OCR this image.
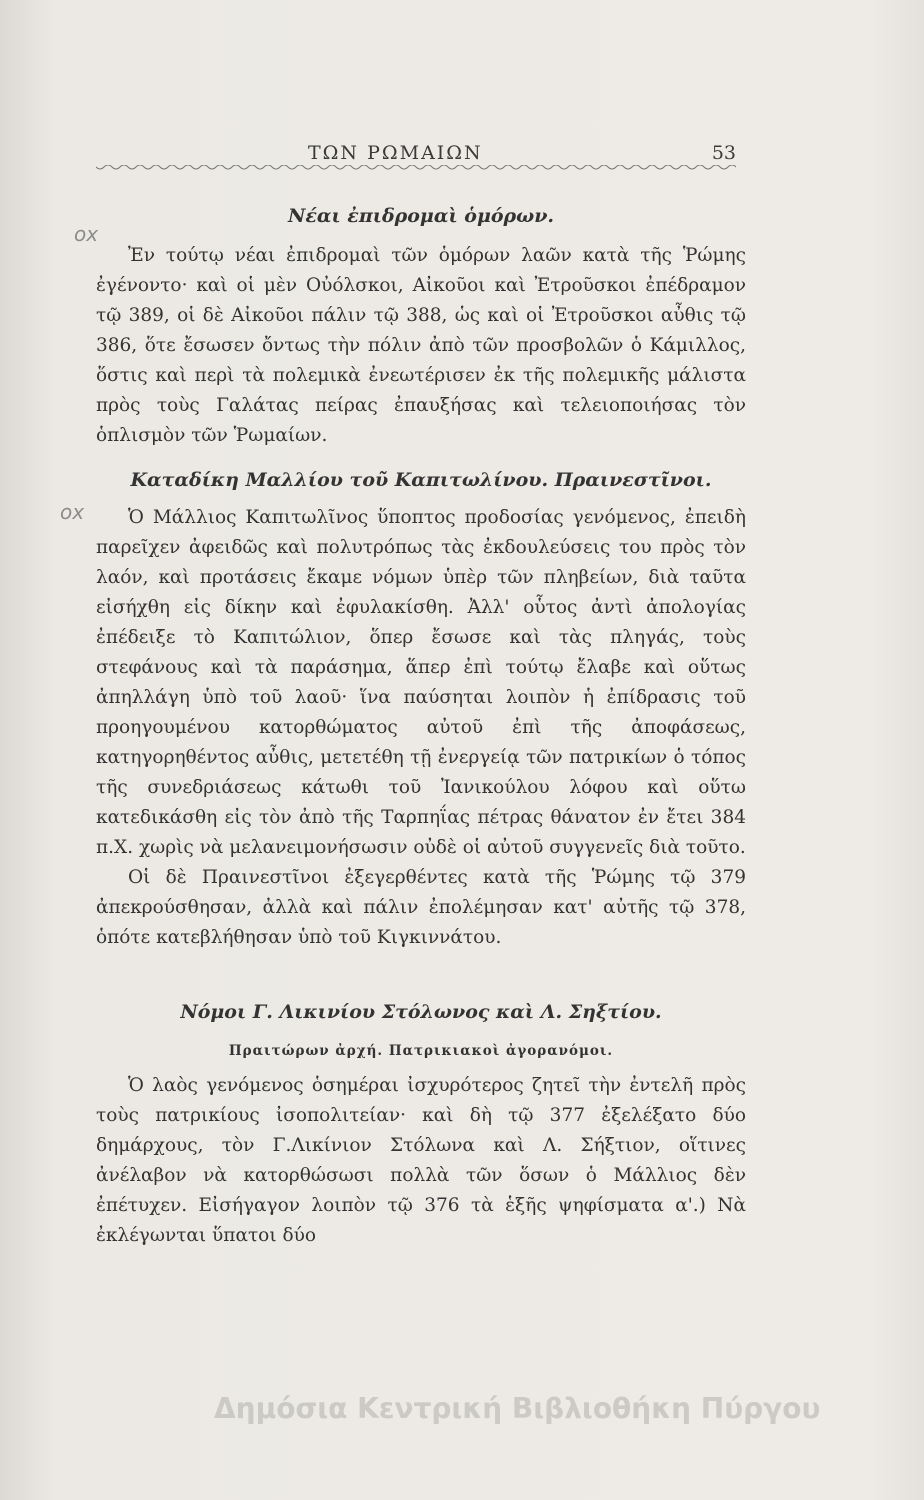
ΤΩΝ ΡΩΜΑΙΩΝ	53
ox
ox
Νέαι ἐπιδρομαὶ ὁμόρων.

Ἐν τούτῳ νέαι ἐπιδρομαὶ τῶν ὁμόρων λαῶν κατὰ τῆς Ῥώμης ἐγένοντο· καὶ οἱ μὲν Οὐόλσκοι, Αἰκοῦοι καὶ Ἐτροῦσκοι ἐπέδραμον τῷ 389, οἱ δὲ Αἰκοῦοι πάλιν τῷ 388, ὡς καὶ οἱ Ἐτροῦσκοι αὖθις τῷ 386, ὅτε ἔσωσεν ὄντως τὴν πόλιν ἀπὸ τῶν προσβολῶν ὁ Κάμιλλος, ὅστις καὶ περὶ τὰ πολεμικὰ ἐνεωτέρισεν ἐκ τῆς πολεμικῆς μάλιστα πρὸς τοὺς Γαλάτας πείρας ἐπαυξήσας καὶ τελειοποιήσας τὸν ὁπλισμὸν τῶν Ῥωμαίων.

Καταδίκη Μαλλίου τοῦ Καπιτωλίνου. Πραινεστῖνοι.

Ὁ Μάλλιος Καπιτωλῖνος ὕποπτος προδοσίας γενόμενος, ἐπειδὴ παρεῖχεν ἀφειδῶς καὶ πολυτρόπως τὰς ἐκδουλεύσεις του πρὸς τὸν λαόν, καὶ προτάσεις ἔκαμε νόμων ὑπὲρ τῶν πληβείων, διὰ ταῦτα εἰσήχθη εἰς δίκην καὶ ἐφυλακίσθη. Ἀλλ' οὗτος ἀντὶ ἀπολογίας ἐπέδειξε τὸ Καπιτώλιον, ὅπερ ἔσωσε καὶ τὰς πληγάς, τοὺς στεφάνους καὶ τὰ παράσημα, ἅπερ ἐπὶ τούτῳ ἔλαβε καὶ οὕτως ἀπηλλάγη ὑπὸ τοῦ λαοῦ· ἵνα παύσηται λοιπὸν ἡ ἐπίδρασις τοῦ προηγουμένου κατορθώματος αὐτοῦ ἐπὶ τῆς ἀποφάσεως, κατηγορηθέντος αὖθις, μετετέθη τῇ ἐνεργείᾳ τῶν πατρικίων ὁ τόπος τῆς συνεδριάσεως κάτωθι τοῦ Ἰανικούλου λόφου καὶ οὕτω κατεδικάσθη εἰς τὸν ἀπὸ τῆς Ταρπηΐας πέτρας θάνατον ἐν ἔτει 384 π.Χ. χωρὶς νὰ μελανειμονήσωσιν οὐδὲ οἱ αὐτοῦ συγγενεῖς διὰ τοῦτο.

Οἱ δὲ Πραινεστῖνοι ἐξεγερθέντες κατὰ τῆς Ῥώμης τῷ 379 ἀπεκρούσθησαν, ἀλλὰ καὶ πάλιν ἐπολέμησαν κατ' αὐτῆς τῷ 378, ὁπότε κατεβλήθησαν ὑπὸ τοῦ Κιγκιννάτου.

Νόμοι Γ. Λικινίου Στόλωνος καὶ Λ. Σηξτίου.

Πραιτώρων ἀρχή. Πατρικιακοὶ ἀγορανόμοι.

Ὁ λαὸς γενόμενος ὁσημέραι ἰσχυρότερος ζητεῖ τὴν ἐντελῆ πρὸς τοὺς πατρικίους ἰσοπολιτείαν· καὶ δὴ τῷ 377 ἐξελέξατο δύο δημάρχους, τὸν Γ.Λικίνιον Στόλωνα καὶ Λ. Σήξτιον, οἵτινες ἀνέλαβον νὰ κατορθώσωσι πολλὰ τῶν ὅσων ὁ Μάλλιος δὲν ἐπέτυχεν. Εἰσήγαγον λοιπὸν τῷ 376 τὰ ἑξῆς ψηφίσματα α'.) Νὰ ἐκλέγωνται ὕπατοι δύο

Δημόσια Κεντρική Βιβλιοθήκη Πύργου
